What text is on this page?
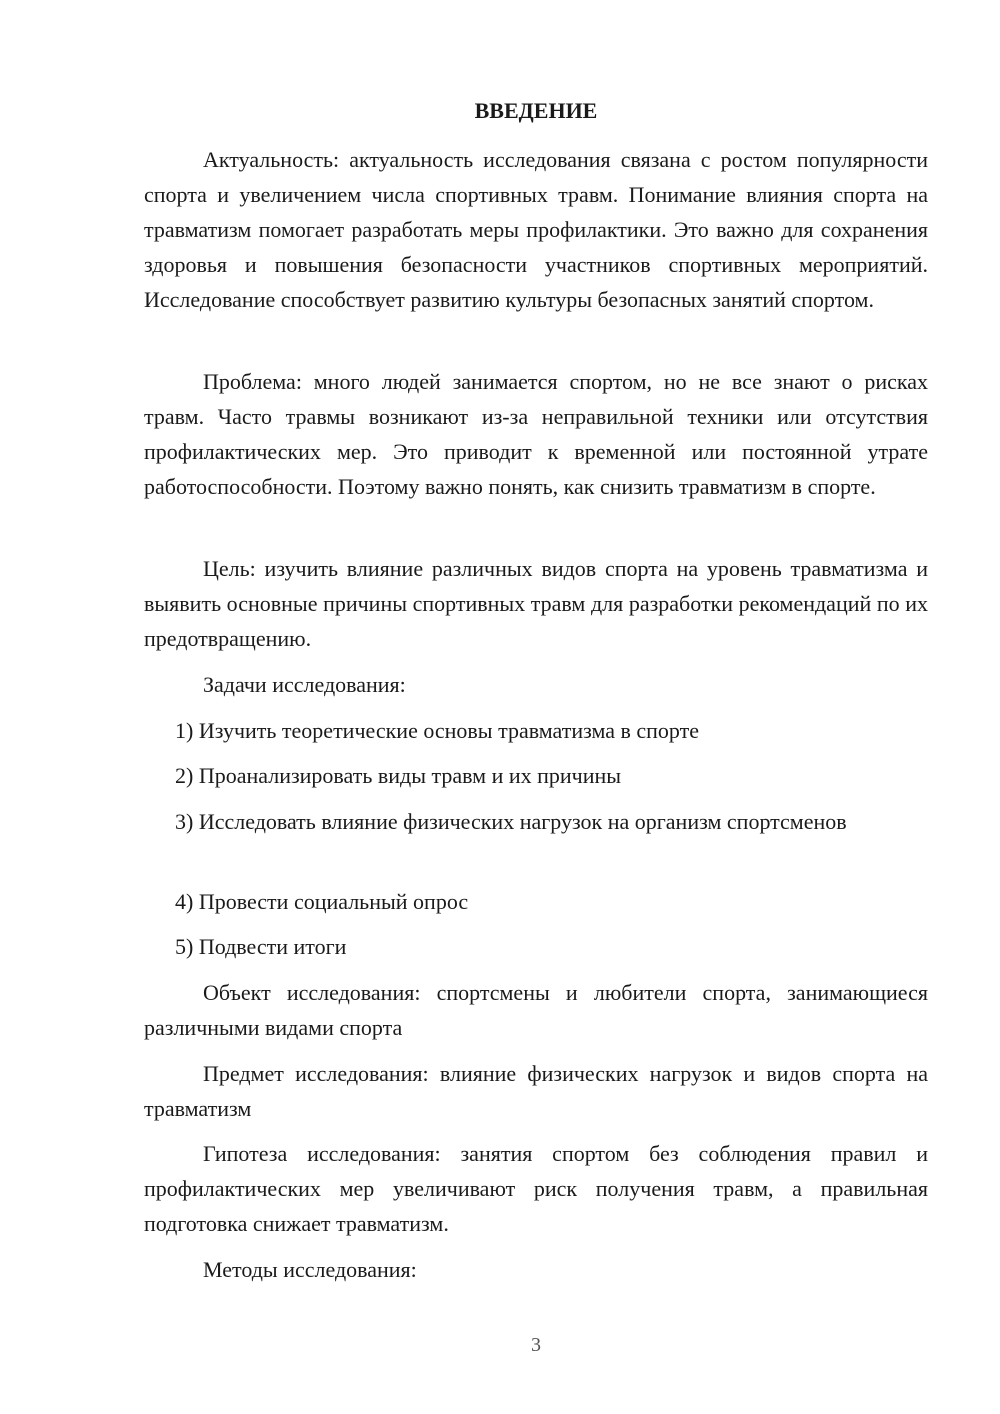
ВВЕДЕНИЕ

Актуальность: актуальность исследования связана с ростом популярности спорта и увеличением числа спортивных травм. Понимание влияния спорта на травматизм помогает разработать меры профилактики. Это важно для сохранения здоровья и повышения безопасности участников спортивных мероприятий. Исследование способствует развитию культуры безопасных занятий спортом.

Проблема: много людей занимается спортом, но не все знают о рисках травм. Часто травмы возникают из-за неправильной техники или отсутствия профилактических мер. Это приводит к временной или постоянной утрате работоспособности. Поэтому важно понять, как снизить травматизм в спорте.

Цель: изучить влияние различных видов спорта на уровень травматизма и выявить основные причины спортивных травм для разработки рекомендаций по их предотвращению.

Задачи исследования:

1) Изучить теоретические основы травматизма в спорте

2) Проанализировать виды травм и их причины

3) Исследовать влияние физических нагрузок на организм спортсменов

4) Провести социальный опрос

5) Подвести итоги

Объект исследования: спортсмены и любители спорта, занимающиеся различными видами спорта

Предмет исследования: влияние физических нагрузок и видов спорта на травматизм

Гипотеза исследования: занятия спортом без соблюдения правил и профилактических мер увеличивают риск получения травм, а правильная подготовка снижает травматизм.

Методы исследования:

3
